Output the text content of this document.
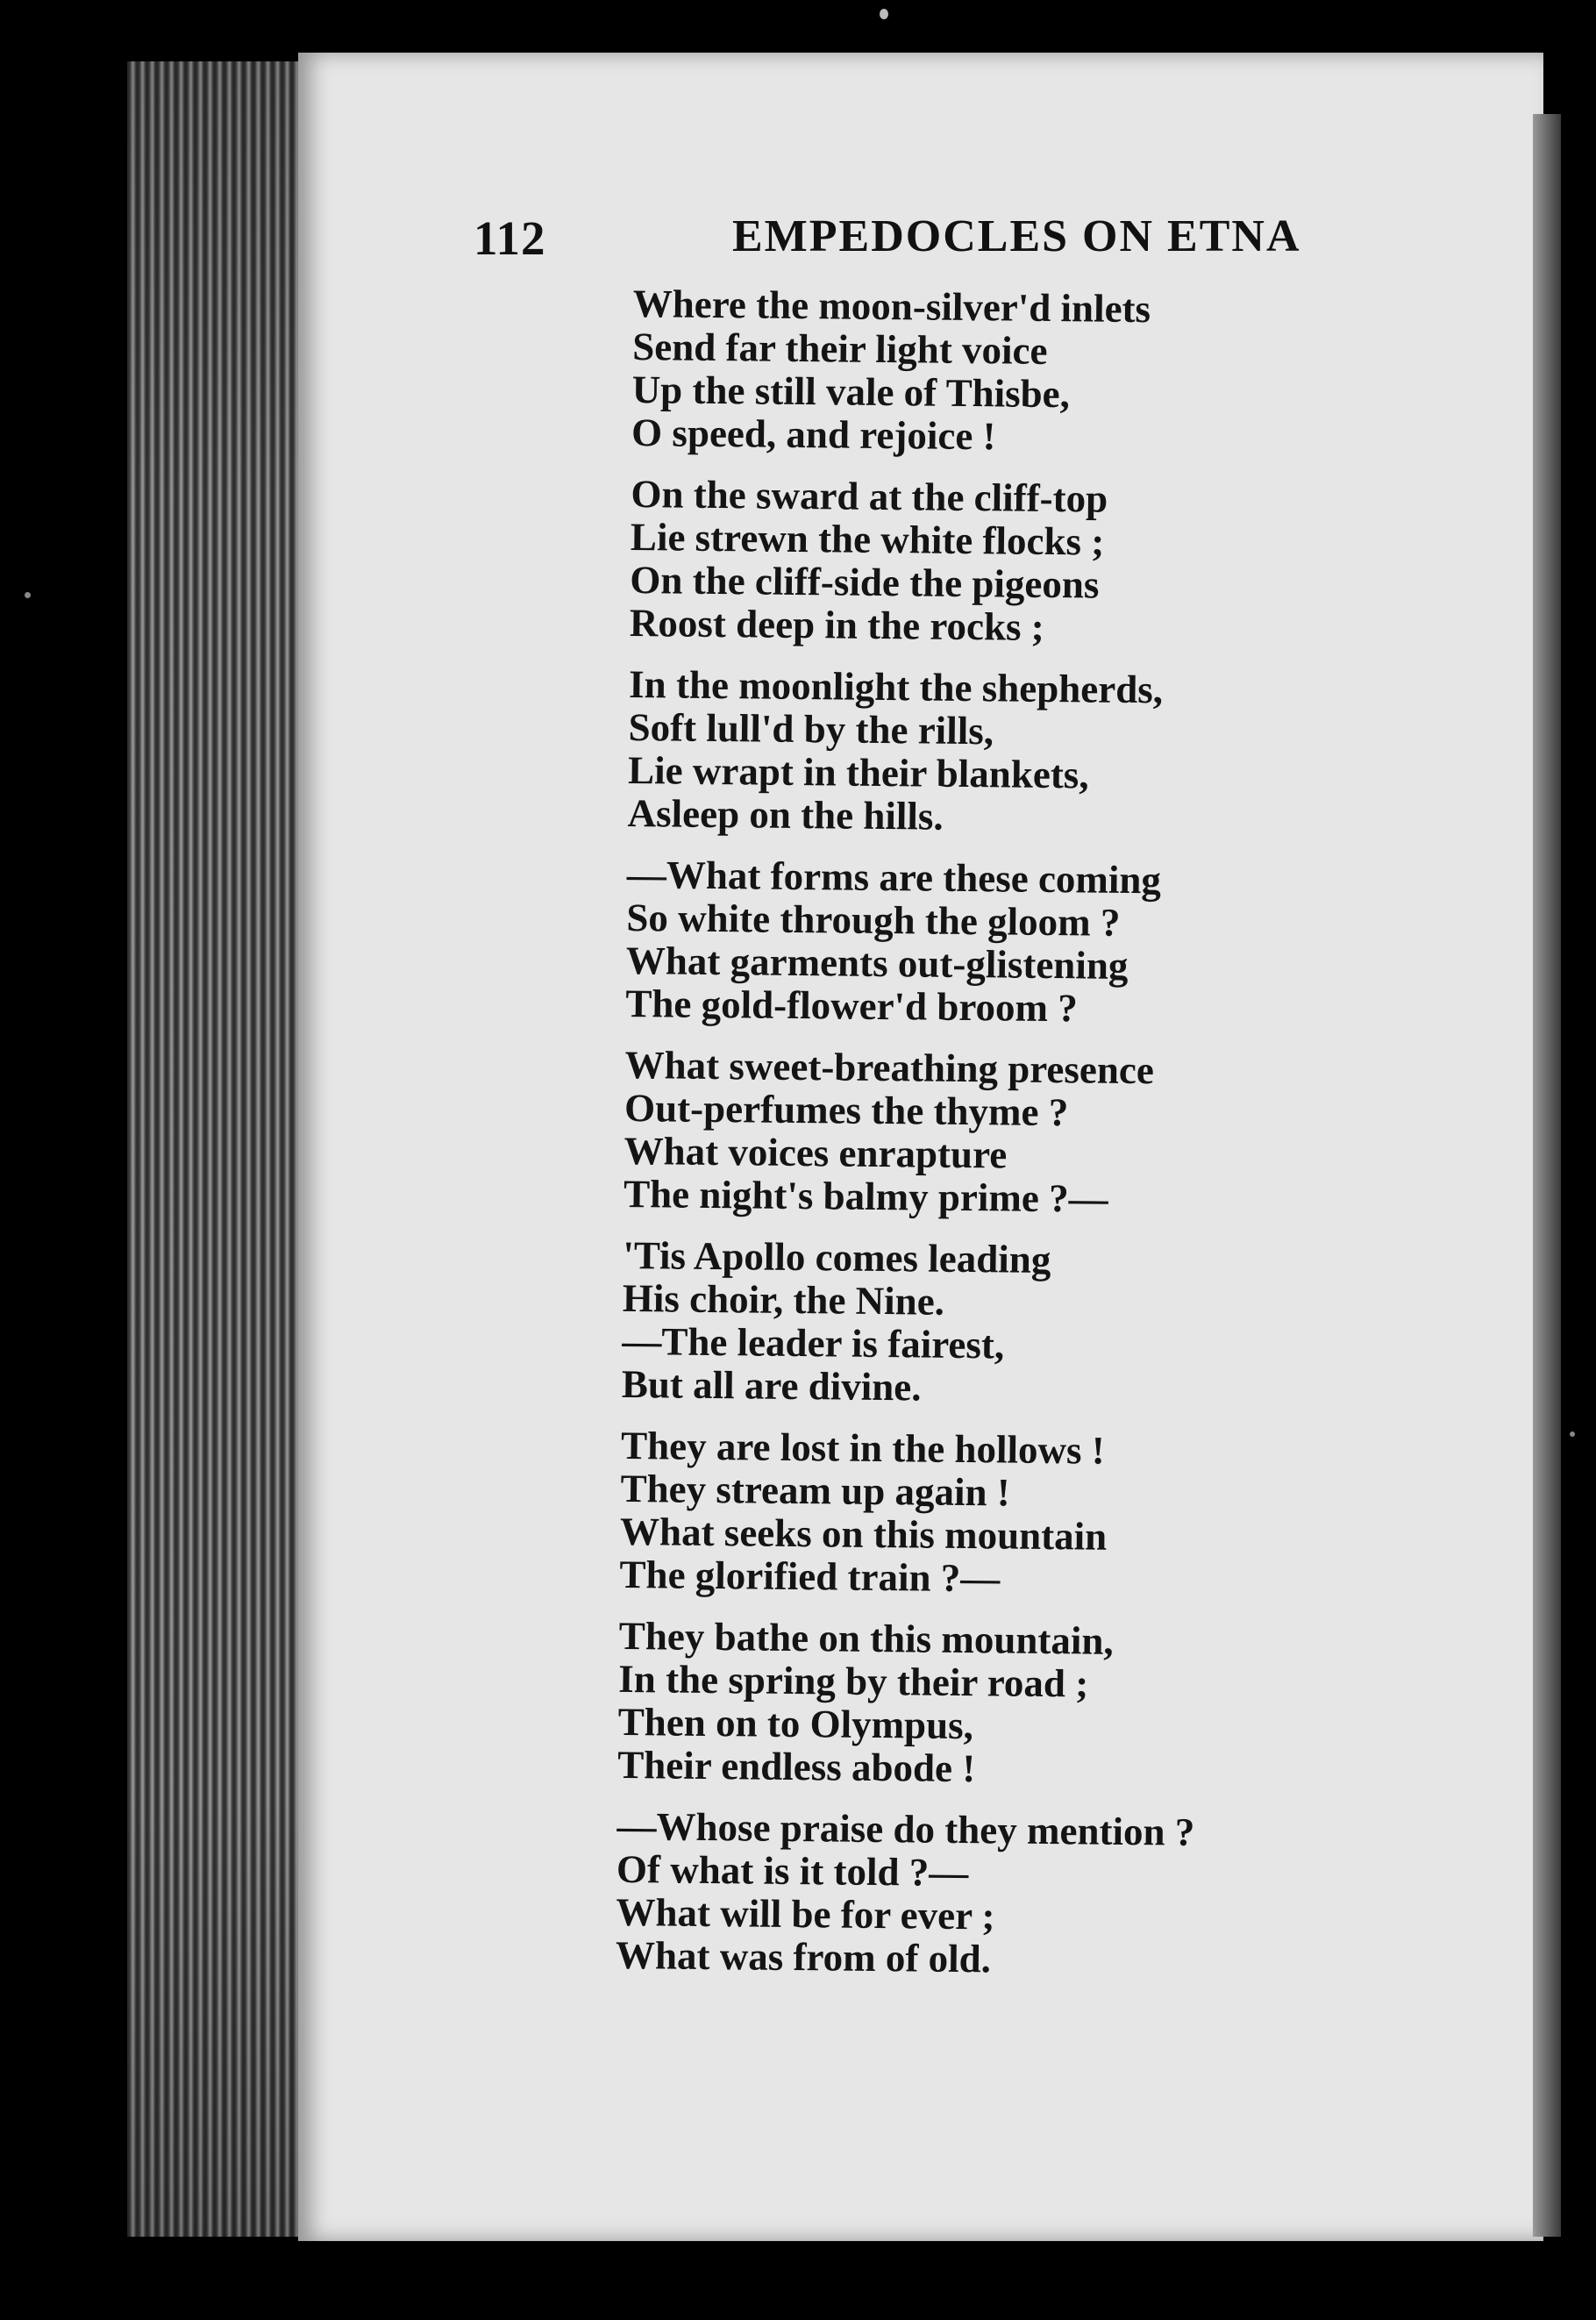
112	EMPEDOCLES ON ETNA
Where the moon-silver'd inlets
Send far their light voice
Up the still vale of Thisbe,
O speed, and rejoice !
On the sward at the cliff-top
Lie strewn the white flocks ;
On the cliff-side the pigeons
Roost deep in the rocks ;
In the moonlight the shepherds,
Soft lull'd by the rills,
Lie wrapt in their blankets,
Asleep on the hills.
—What forms are these coming
So white through the gloom ?
What garments out-glistening
The gold-flower'd broom ?
What sweet-breathing presence
Out-perfumes the thyme ?
What voices enrapture
The night's balmy prime ?—
'Tis Apollo comes leading
His choir, the Nine.
—The leader is fairest,
But all are divine.
They are lost in the hollows !
They stream up again !
What seeks on this mountain
The glorified train ?—
They bathe on this mountain,
In the spring by their road ;
Then on to Olympus,
Their endless abode !
—Whose praise do they mention ?
Of what is it told ?—
What will be for ever ;
What was from of old.
